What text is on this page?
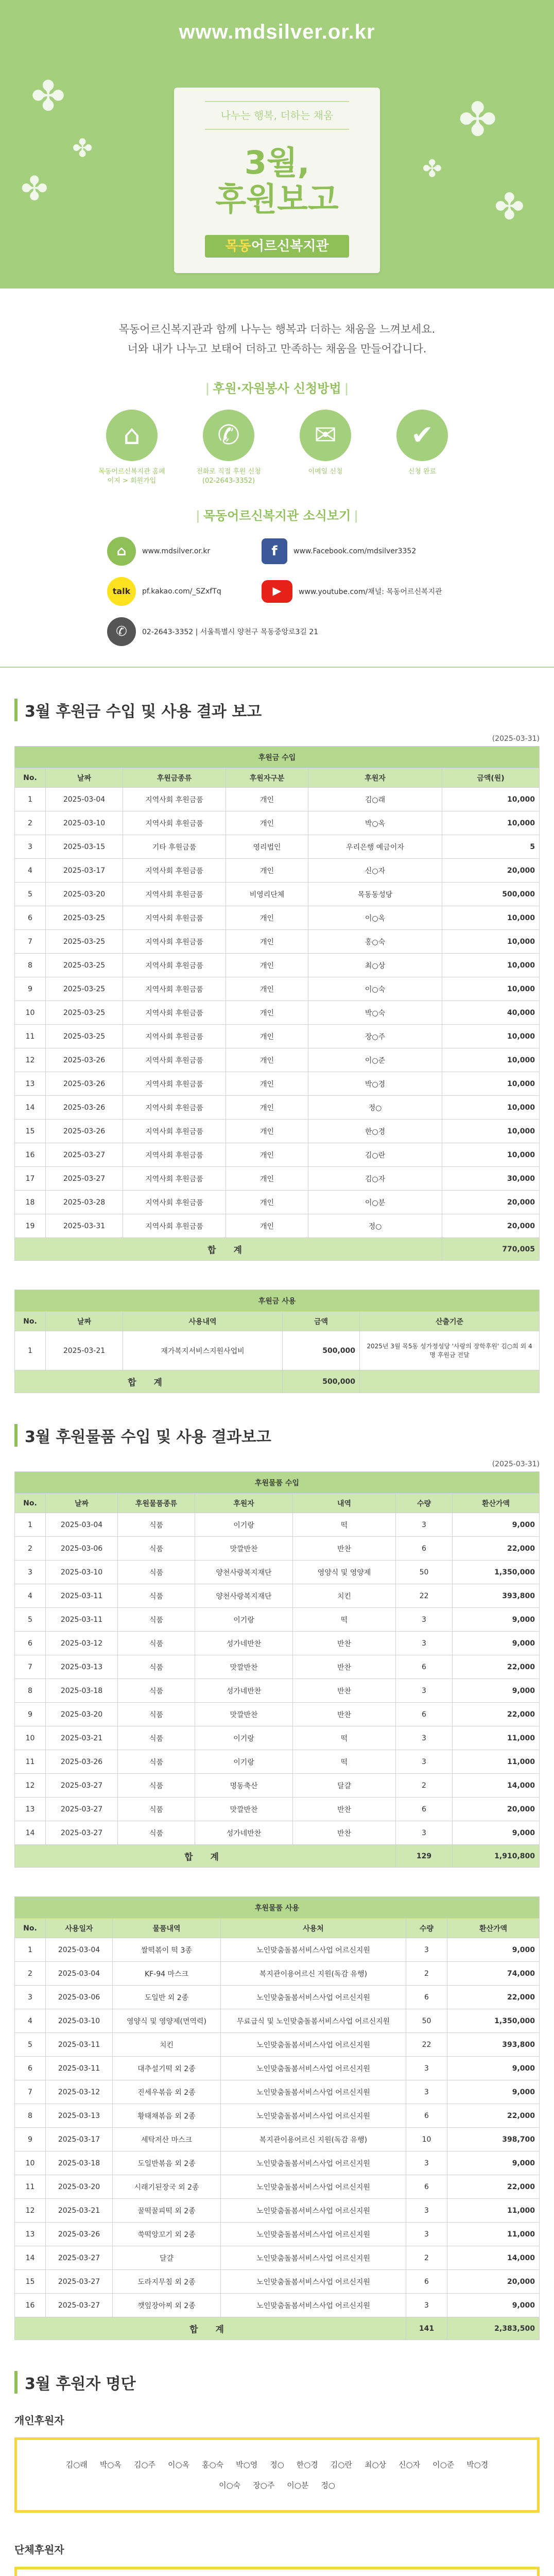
✤
✤
✤
✤
✤
✤
www.mdsilver.or.kr
나누는 행복, 더하는 채움
3월,
후원보고
목동어르신복지관

목동어르신복지관과 함께 나누는 행복과 더하는 채움을 느껴보세요.

너와 내가 나누고 보태어 더하고 만족하는 채움을 만들어갑니다.

| 후원·자원봉사 신청방법 |
⌂
목동어르신복지관 홈페이지 > 회원가입
✆
전화로 직접 후원 신청 (02-2643-3352)
✉
이메일 신청
✔
신청 완료
| 목동어르신복지관 소식보기 |
⌂	www.mdsilver.or.kr	f	www.Facebook.com/mdsilver3352
talk	pf.kakao.com/_SZxfTq	▶	www.youtube.com/채널: 목동어르신복지관
✆	02-2643-3352 | 서울특별시 양천구 목동중앙로3길 21
3월 후원금 수입 및 사용 결과 보고
(2025-03-31)
후원금 수입					
No.	날짜	후원금종류	후원자구분	후원자	금액(원)
1	2025-03-04	지역사회 후원금품	개인	김○래	10,000
2	2025-03-10	지역사회 후원금품	개인	박○옥	10,000
3	2025-03-15	기타 후원금품	영리법인	우리은행 예금이자	5
4	2025-03-17	지역사회 후원금품	개인	신○자	20,000
5	2025-03-20	지역사회 후원금품	비영리단체	목동동성당	500,000
6	2025-03-25	지역사회 후원금품	개인	이○옥	10,000
7	2025-03-25	지역사회 후원금품	개인	홍○숙	10,000
8	2025-03-25	지역사회 후원금품	개인	최○상	10,000
9	2025-03-25	지역사회 후원금품	개인	이○숙	10,000
10	2025-03-25	지역사회 후원금품	개인	박○숙	40,000
11	2025-03-25	지역사회 후원금품	개인	장○주	10,000
12	2025-03-26	지역사회 후원금품	개인	이○준	10,000
13	2025-03-26	지역사회 후원금품	개인	박○경	10,000
14	2025-03-26	지역사회 후원금품	개인	정○	10,000
15	2025-03-26	지역사회 후원금품	개인	한○경	10,000
16	2025-03-27	지역사회 후원금품	개인	김○란	10,000
17	2025-03-27	지역사회 후원금품	개인	김○자	30,000
18	2025-03-28	지역사회 후원금품	개인	이○분	20,000
19	2025-03-31	지역사회 후원금품	개인	정○	20,000
합 계					770,005
후원금 사용				
No.	날짜	사용내역	금액	산출기준
1	2025-03-21	재가복지서비스지원사업비	500,000	2025년 3월 목5동 성가정성당 '사랑의 장학후원' 김○희 외 4명 후원금 전달
합 계			500,000	
3월 후원물품 수입 및 사용 결과보고
(2025-03-31)
후원물품 수입						
No.	날짜	후원물품종류	후원자	내역	수량	환산가액
1	2025-03-04	식품	이기랑	떡	3	9,000
2	2025-03-06	식품	맛깔반찬	반찬	6	22,000
3	2025-03-10	식품	양천사랑복지재단	영양식 및 영양제	50	1,350,000
4	2025-03-11	식품	양천사랑복지재단	치킨	22	393,800
5	2025-03-11	식품	이기랑	떡	3	9,000
6	2025-03-12	식품	성가네반찬	반찬	3	9,000
7	2025-03-13	식품	맛깔반찬	반찬	6	22,000
8	2025-03-18	식품	성가네반찬	반찬	3	9,000
9	2025-03-20	식품	맛깔반찬	반찬	6	22,000
10	2025-03-21	식품	이기랑	떡	3	11,000
11	2025-03-26	식품	이기랑	떡	3	11,000
12	2025-03-27	식품	명동축산	달걀	2	14,000
13	2025-03-27	식품	맛깔반찬	반찬	6	20,000
14	2025-03-27	식품	성가네반찬	반찬	3	9,000
합 계					129	1,910,800
후원물품 사용					
No.	사용일자	물품내역	사용처	수량	환산가액
1	2025-03-04	쌀떡볶이 떡 3종	노인맞춤돌봄서비스사업 어르신지원	3	9,000
2	2025-03-04	KF-94 마스크	복지관이용어르신 지원(독감 유행)	2	74,000
3	2025-03-06	도일반 외 2종	노인맞춤돌봄서비스사업 어르신지원	6	22,000
4	2025-03-10	영양식 및 영양제(면역력)	무료급식 및 노인맞춤돌봄서비스사업 어르신지원	50	1,350,000
5	2025-03-11	치킨	노인맞춤돌봄서비스사업 어르신지원	22	393,800
6	2025-03-11	대추설기떡 외 2종	노인맞춤돌봄서비스사업 어르신지원	3	9,000
7	2025-03-12	진세우볶음 외 2종	노인맞춤돌봄서비스사업 어르신지원	3	9,000
8	2025-03-13	황태채볶음 외 2종	노인맞춤돌봄서비스사업 어르신지원	6	22,000
9	2025-03-17	세탁저산 마스크	복지관이용어르신 지원(독감 유행)	10	398,700
10	2025-03-18	도일반볶음 외 2종	노인맞춤돌봄서비스사업 어르신지원	3	9,000
11	2025-03-20	시래기된장국 외 2종	노인맞춤돌봄서비스사업 어르신지원	6	22,000
12	2025-03-21	꿀떡꿀피떡 외 2종	노인맞춤돌봄서비스사업 어르신지원	3	11,000
13	2025-03-26	쑥떡앙꼬기 외 2종	노인맞춤돌봄서비스사업 어르신지원	3	11,000
14	2025-03-27	달걀	노인맞춤돌봄서비스사업 어르신지원	2	14,000
15	2025-03-27	도라지무침 외 2종	노인맞춤돌봄서비스사업 어르신지원	6	20,000
16	2025-03-27	깻잎장아찌 외 2종	노인맞춤돌봄서비스사업 어르신지원	3	9,000
합 계				141	2,383,500
3월 후원자 명단
개인후원자
김○래 박○옥 김○주 이○옥 홍○숙 박○영 정○ 한○경 김○란 최○상 신○자 이○준 박○경이○숙 장○주 이○분 정○
단체후원자
